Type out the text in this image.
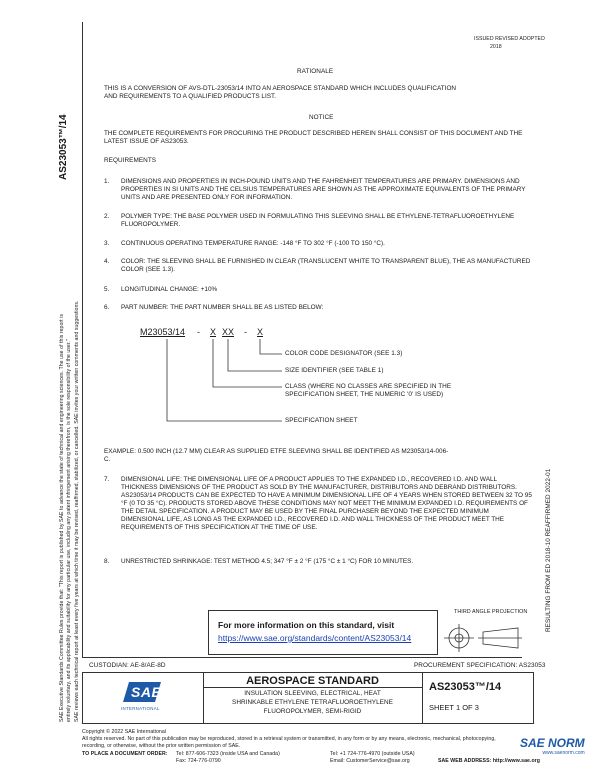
ISSUED REVISED ADOPTED
2018
AS23053™/14
SAE Executive Standards Committee Rules provide that: "This report is published by SAE to advance the state of technical and engineering sciences. The use of this report is entirely voluntary, and its applicability and suitability for any particular use, including any patent infringement arising therefrom, is the sole responsibility of the user." SAE reviews each technical report at least every five years at which time it may be revised, reaffirmed, stabilized, or cancelled. SAE invites your written comments and suggestions.	RESULTING FROM ED 2018-10 REAFFIRMED 2022-01
RATIONALE
THIS IS A CONVERSION OF AVS-DTL-23053/14 INTO AN AEROSPACE STANDARD WHICH INCLUDES QUALIFICATION AND REQUIREMENTS TO A QUALIFIED PRODUCTS LIST.
NOTICE
THE COMPLETE REQUIREMENTS FOR PROCURING THE PRODUCT DESCRIBED HEREIN SHALL CONSIST OF THIS DOCUMENT AND THE LATEST ISSUE OF AS23053.
REQUIREMENTS
1. DIMENSIONS AND PROPERTIES IN INCH-POUND UNITS AND THE FAHRENHEIT TEMPERATURES ARE PRIMARY. DIMENSIONS AND PROPERTIES IN SI UNITS AND THE CELSIUS TEMPERATURES ARE SHOWN AS THE APPROXIMATE EQUIVALENTS OF THE PRIMARY UNITS AND ARE PRESENTED ONLY FOR INFORMATION.
2. POLYMER TYPE: THE BASE POLYMER USED IN FORMULATING THIS SLEEVING SHALL BE ETHYLENE-TETRAFLUOROETHYLENE FLUOROPOLYMER.
3. CONTINUOUS OPERATING TEMPERATURE RANGE: -148 °F TO 302 °F (-100 TO 150 °C).
4. COLOR: THE SLEEVING SHALL BE FURNISHED IN CLEAR (TRANSLUCENT WHITE TO TRANSPARENT BLUE), THE AS MANUFACTURED COLOR (SEE 1.3).
5. LONGITUDINAL CHANGE: +10%
6. PART NUMBER: THE PART NUMBER SHALL BE AS LISTED BELOW:
M23053/14 - X XX - X
COLOR CODE DESIGNATOR (SEE 1.3)
SIZE IDENTIFIER (SEE TABLE 1)
CLASS (WHERE NO CLASSES ARE SPECIFIED IN THE
SPECIFICATION SHEET, THE NUMERIC '0' IS USED)
SPECIFICATION SHEET
EXAMPLE: 0.500 INCH (12.7 MM) CLEAR AS SUPPLIED ETFE SLEEVING SHALL BE IDENTIFIED AS M23053/14-006-C.
7. DIMENSIONAL LIFE: THE DIMENSIONAL LIFE OF A PRODUCT APPLIES TO THE EXPANDED I.D., RECOVERED I.D. AND WALL THICKNESS DIMENSIONS OF THE PRODUCT AS SOLD BY THE MANUFACTURER, DISTRIBUTORS AND DEBRAND DISTRIBUTORS. AS23053/14 PRODUCTS CAN BE EXPECTED TO HAVE A MINIMUM DIMENSIONAL LIFE OF 4 YEARS WHEN STORED BETWEEN 32 TO 95 °F (0 TO 35 °C). PRODUCTS STORED ABOVE THESE CONDITIONS MAY NOT MEET THE MINIMUM EXPANDED I.D. REQUIREMENTS OF THE DETAIL SPECIFICATION. A PRODUCT MAY BE USED BY THE FINAL PURCHASER BEYOND THE EXPECTED MINIMUM DIMENSIONAL LIFE, AS LONG AS THE EXPANDED I.D., RECOVERED I.D. AND WALL THICKNESS OF THE PRODUCT MEET THE REQUIREMENTS OF THIS SPECIFICATION AT THE TIME OF USE.
8. UNRESTRICTED SHRINKAGE: TEST METHOD 4.5; 347 °F ± 2 °F (175 °C ± 1 °C) FOR 10 MINUTES.
For more information on this standard, visit
https://www.sae.org/standards/content/AS23053/14
THIRD ANGLE PROJECTION
CUSTODIAN: AE-8/AE-8D	PROCUREMENT SPECIFICATION: AS23053
SAE
INTERNATIONAL
AEROSPACE STANDARD
INSULATION SLEEVING, ELECTRICAL, HEAT
SHRINKABLE ETHYLENE TETRAFLUOROETHYLENE
FLUOROPOLYMER, SEMI-RIGID
AS23053™/14
SHEET 1 OF 3
Copyright © 2022 SAE International
All rights reserved. No part of this publication may be reproduced, stored in a retrieval system or transmitted, in any form or by any means, electronic, mechanical, photocopying,
recording, or otherwise, without the prior written permission of SAE.
TO PLACE A DOCUMENT ORDER: Tel: 877-606-7323 (inside USA and Canada)
Fax: 724-776-0790
Tel: +1 724-776-4970 (outside USA)
Email: CustomerService@sae.org	SAE WEB ADDRESS: http://www.sae.org
SAE NORM
www.saenorm.com
